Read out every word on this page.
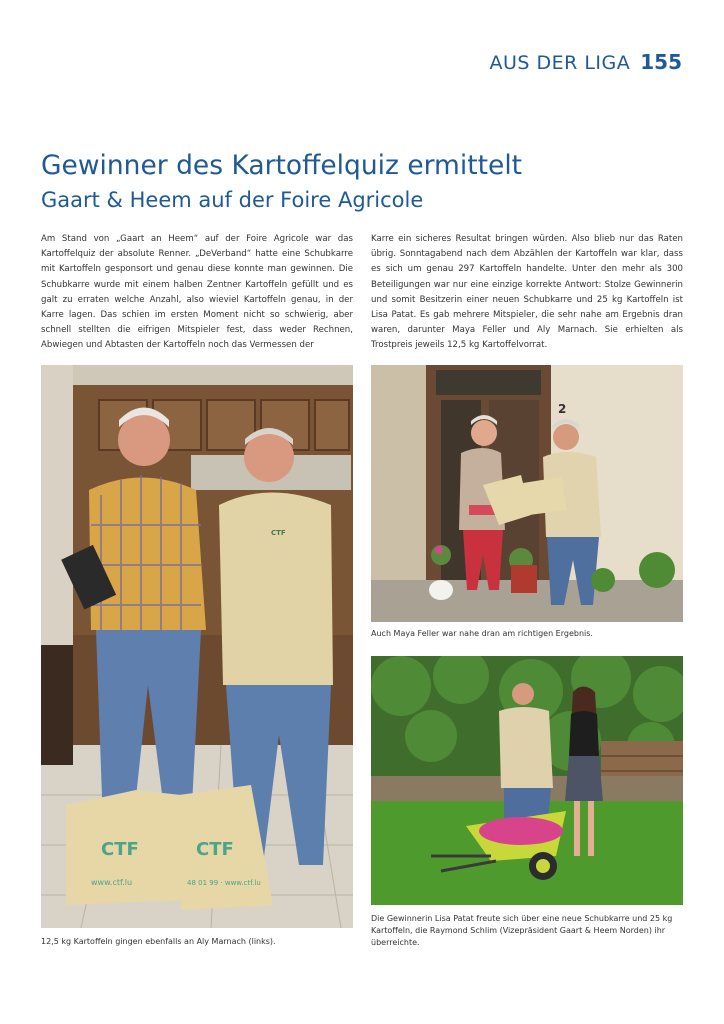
AUS DER LIGA 155
Gewinner des Kartoffelquiz ermittelt
Gaart & Heem auf der Foire Agricole

Am Stand von „Gaart an Heem“ auf der Foire Agricole war das Kartoffelquiz der absolute Renner. „DeVerband“ hatte eine Schubkarre mit Kartoffeln gesponsort und genau diese konnte man gewinnen. Die Schubkarre wurde mit einem halben Zentner Kartoffeln gefüllt und es galt zu erraten welche Anzahl, also wieviel Kartoffeln genau, in der Karre lagen. Das schien im ersten Moment nicht so schwierig, aber schnell stellten die eifrigen Mitspieler fest, dass weder Rechnen, Abwiegen und Abtasten der Kartoffeln noch das Vermessen der

Karre ein sicheres Resultat bringen würden. Also blieb nur das Raten übrig. Sonntagabend nach dem Abzählen der Kartoffeln war klar, dass es sich um genau 297 Kartoffeln handelte. Unter den mehr als 300 Beteiligungen war nur eine einzige korrekte Antwort: Stolze Gewinnerin und somit Besitzerin einer neuen Schubkarre und 25 kg Kartoffeln ist Lisa Patat. Es gab mehrere Mitspieler, die sehr nahe am Ergebnis dran waren, darunter Maya Feller und Aly Marnach. Sie erhielten als Trostpreis jeweils 12,5 kg Kartoffelvorrat.

CTF	CTF
www.ctf.lu	48 01 99 · www.ctf.lu
CTF

12,5 kg Kartoffeln gingen ebenfalls an Aly Marnach (links).

2

Auch Maya Feller war nahe dran am richtigen Ergebnis.

Die Gewinnerin Lisa Patat freute sich über eine neue Schubkarre und 25 kg Kartoffeln, die Raymond Schlim (Vizepräsident Gaart & Heem Norden) ihr überreichte.
